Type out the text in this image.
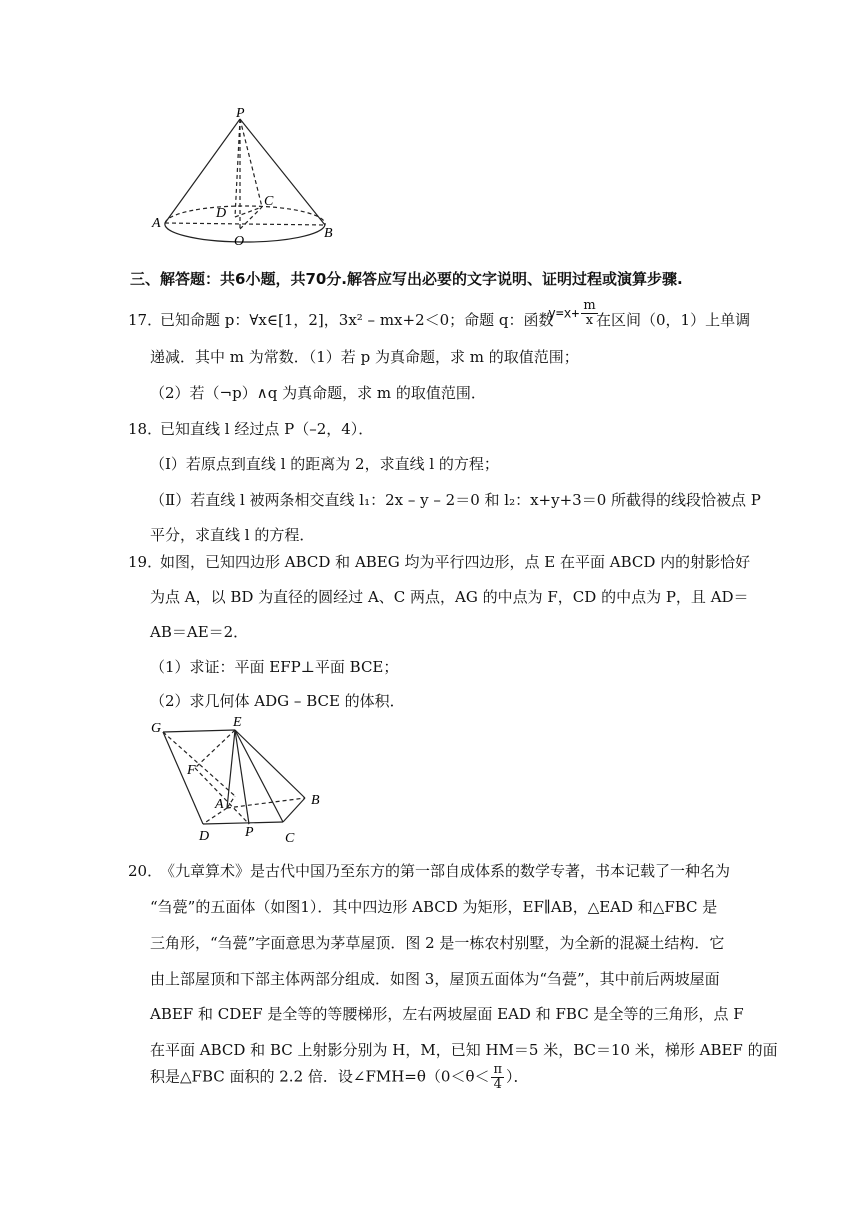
P
A
D
C
O
B
三、解答题：共6小题，共70分.解答应写出必要的文字说明、证明过程或演算步骤.
17．
已知命题 p：∀x∈[1，2]，3x² – mx+2＜0；命题 q：函数
$y=x+ \frac{m}{x}$
在区间（0，1）上单调
递减．其中 m 为常数．（1）若 p 为真命题，求 m 的取值范围；
（2）若（¬p）∧q 为真命题，求 m 的取值范围．
18．
已知直线 l 经过点 P（–2，4）．
（Ⅰ）若原点到直线 l 的距离为 2，求直线 l 的方程；
（Ⅱ）若直线 l 被两条相交直线 l₁：2x – y – 2＝0 和 l₂：x+y+3＝0 所截得的线段恰被点 P
平分，求直线 l 的方程．
19．
如图，已知四边形 ABCD 和 ABEG 均为平行四边形，点 E 在平面 ABCD 内的射影恰好
为点 A，以 BD 为直径的圆经过 A、C 两点，AG 的中点为 F，CD 的中点为 P，且 AD＝
AB＝AE＝2．
（1）求证：平面 EFP⊥平面 BCE；
（2）求几何体 ADG – BCE 的体积．
G	E
F
A	B
D	P C
20．
《九章算术》是古代中国乃至东方的第一部自成体系的数学专著，书本记载了一种名为
“刍甍”的五面体（如图1）．其中四边形 ABCD 为矩形，EF∥AB，△EAD 和△FBC 是
三角形，“刍甍”字面意思为茅草屋顶．图 2 是一栋农村别墅，为全新的混凝土结构．它
由上部屋顶和下部主体两部分组成．如图 3，屋顶五面体为“刍甍”，其中前后两坡屋面
ABEF 和 CDEF 是全等的等腰梯形，左右两坡屋面 EAD 和 FBC 是全等的三角形，点 F
在平面 ABCD 和 BC 上射影分别为 H，M，已知 HM＝5 米，BC＝10 米，梯形 ABEF 的面
积是△FBC 面积的 2.2 倍．设∠FMH=θ（0＜θ＜ $\frac{\pi}{4}$ ）．
